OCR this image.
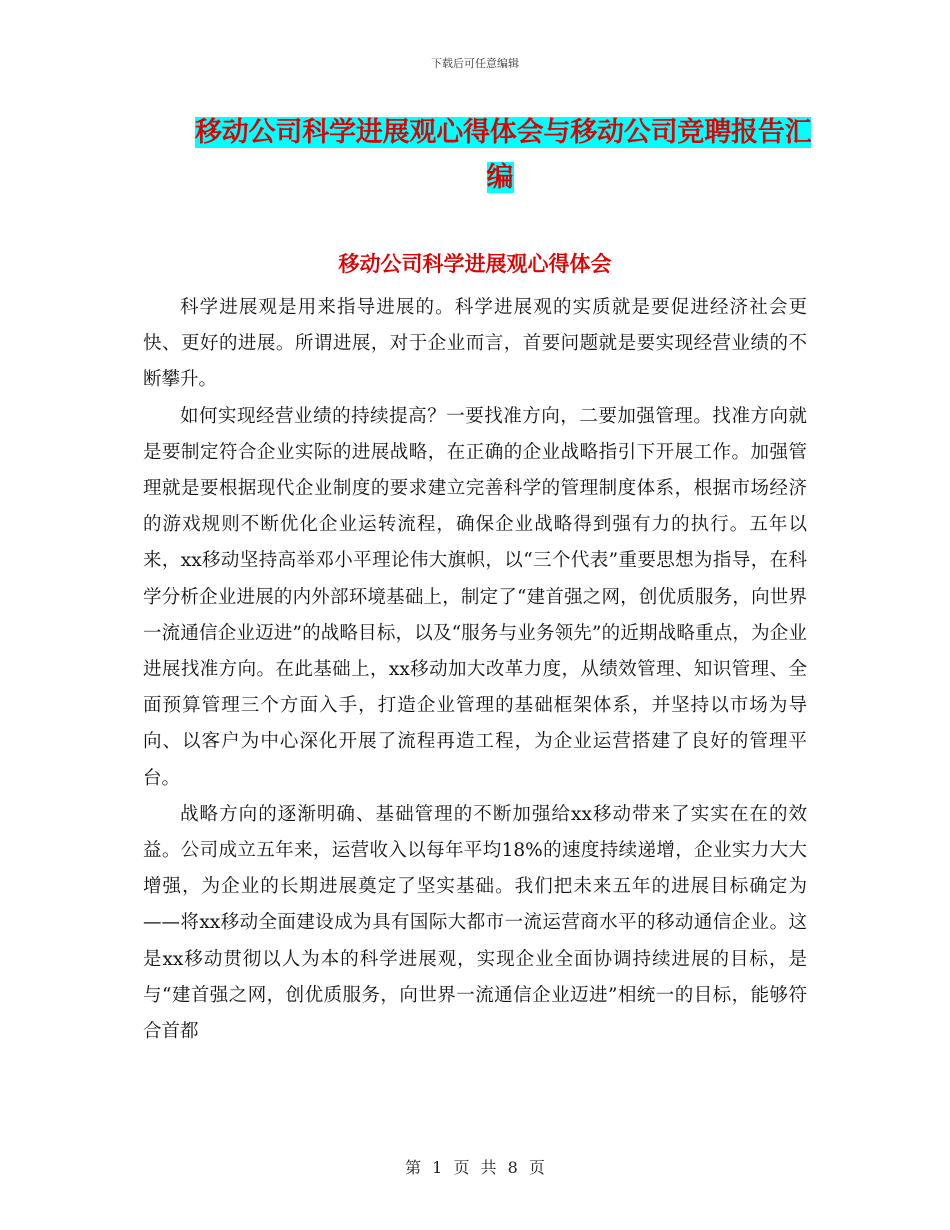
下载后可任意编辑
移动公司科学进展观心得体会与移动公司竞聘报告汇
编
移动公司科学进展观心得体会

科学进展观是用来指导进展的。科学进展观的实质就是要促进经济社会更快、更好的进展。所谓进展，对于企业而言，首要问题就是要实现经营业绩的不断攀升。

如何实现经营业绩的持续提高？一要找准方向，二要加强管理。找准方向就是要制定符合企业实际的进展战略，在正确的企业战略指引下开展工作。加强管理就是要根据现代企业制度的要求建立完善科学的管理制度体系，根据市场经济的游戏规则不断优化企业运转流程，确保企业战略得到强有力的执行。五年以来，xx移动坚持高举邓小平理论伟大旗帜，以“三个代表”重要思想为指导，在科学分析企业进展的内外部环境基础上，制定了“建首强之网，创优质服务，向世界一流通信企业迈进”的战略目标，以及“服务与业务领先”的近期战略重点，为企业进展找准方向。在此基础上，xx移动加大改革力度，从绩效管理、知识管理、全面预算管理三个方面入手，打造企业管理的基础框架体系，并坚持以市场为导向、以客户为中心深化开展了流程再造工程，为企业运营搭建了良好的管理平台。

战略方向的逐渐明确、基础管理的不断加强给xx移动带来了实实在在的效益。公司成立五年来，运营收入以每年平均18%的速度持续递增，企业实力大大增强，为企业的长期进展奠定了坚实基础。我们把未来五年的进展目标确定为——将xx移动全面建设成为具有国际大都市一流运营商水平的移动通信企业。这是xx移动贯彻以人为本的科学进展观，实现企业全面协调持续进展的目标，是与“建首强之网，创优质服务，向世界一流通信企业迈进”相统一的目标，能够符合首都

第 1 页 共 8 页
